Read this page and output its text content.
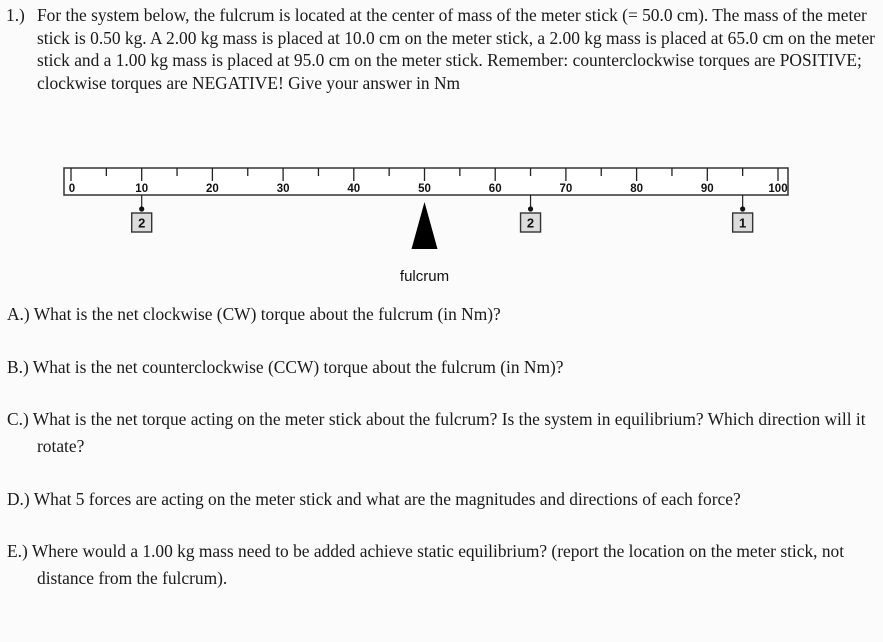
1.) For the system below, the fulcrum is located at the center of mass of the meter stick (= 50.0 cm). The mass of the meter stick is 0.50 kg. A 2.00 kg mass is placed at 10.0 cm on the meter stick, a 2.00 kg mass is placed at 65.0 cm on the meter stick and a 1.00 kg mass is placed at 95.0 cm on the meter stick. Remember: counterclockwise torques are POSITIVE; clockwise torques are NEGATIVE! Give your answer in Nm
0	10	20	30	40	50	60	70	80	90	100
2	2	1
fulcrum
A.) What is the net clockwise (CW) torque about the fulcrum (in Nm)?
B.) What is the net counterclockwise (CCW) torque about the fulcrum (in Nm)?
C.) What is the net torque acting on the meter stick about the fulcrum? Is the system in equilibrium? Which direction will it rotate?
D.) What 5 forces are acting on the meter stick and what are the magnitudes and directions of each force?
E.) Where would a 1.00 kg mass need to be added achieve static equilibrium? (report the location on the meter stick, not distance from the fulcrum).
